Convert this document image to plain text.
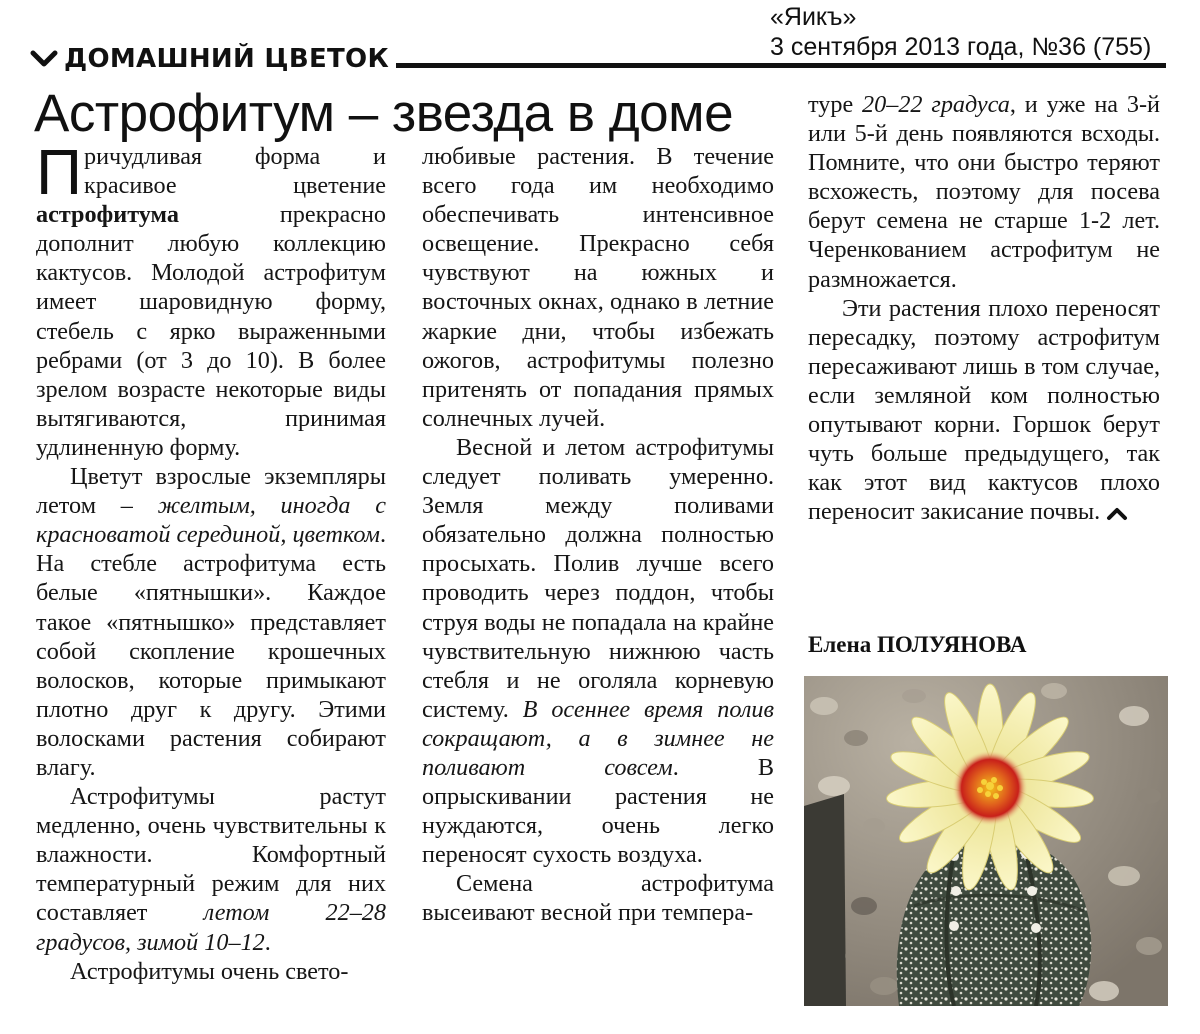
«Яикъ»
3 сентября 2013 года, №36 (755)
ДОМАШНИЙ ЦВЕТОК
Астрофитум – звезда в доме

Причудливая форма и красивое цветение астрофитума прекрасно дополнит любую коллекцию кактусов. Молодой астрофитум имеет шаровидную форму, стебель с ярко выраженными ребрами (от 3 до 10). В более зрелом возрасте некоторые виды вытягиваются, принимая удлиненную форму.

Цветут взрослые экземпляры летом – желтым, иногда с красноватой серединой, цветком. На стебле астрофитума есть белые «пятнышки». Каждое такое «пятнышко» представляет собой скопление крошечных волосков, которые примыкают плотно друг к другу. Этими волосками растения собирают влагу.

Астрофитумы растут медленно, очень чувствительны к влажности. Комфортный температурный режим для них составляет летом 22–28 градусов, зимой 10–12.

Астрофитумы очень свето-

любивые растения. В течение всего года им необходимо обеспечивать интенсивное освещение. Прекрасно себя чувствуют на южных и восточных окнах, однако в летние жаркие дни, чтобы избежать ожогов, астрофитумы полезно притенять от попадания прямых солнечных лучей.

Весной и летом астрофитумы следует поливать умеренно. Земля между поливами обязательно должна полностью просыхать. Полив лучше всего проводить через поддон, чтобы струя воды не попадала на крайне чувствительную нижнюю часть стебля и не оголяла корневую систему. В осеннее время полив сокращают, а в зимнее не поливают совсем. В опрыскивании растения не нуждаются, очень легко переносят сухость воздуха.

Семена астрофитума высеивают весной при темпера-

туре 20–22 градуса, и уже на 3-й или 5-й день появляются всходы. Помните, что они быстро теряют всхожесть, поэтому для посева берут семена не старше 1-2 лет. Черенкованием астрофитум не размножается.

Эти растения плохо переносят пересадку, поэтому астрофитум пересаживают лишь в том случае, если земляной ком полностью опутывают корни. Горшок берут чуть больше предыдущего, так как этот вид кактусов плохо переносит закисание почвы.

Елена ПОЛУЯНОВА
